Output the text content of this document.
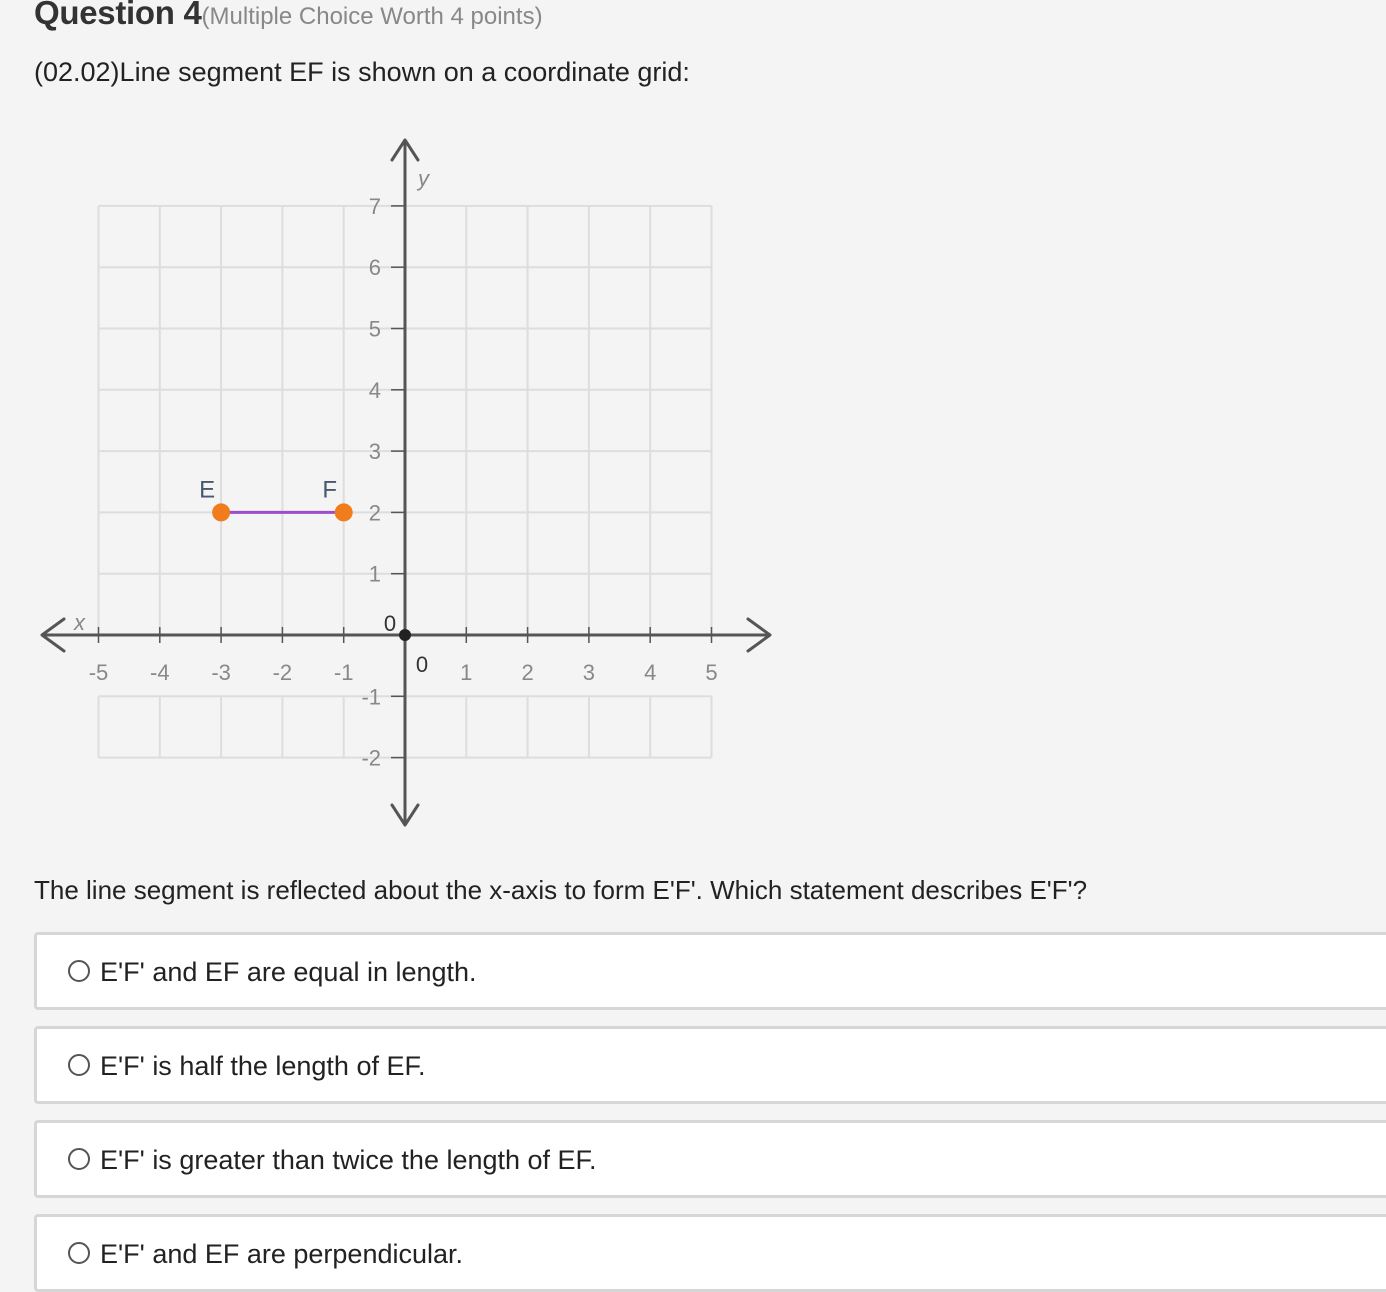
Question 4(Multiple Choice Worth 4 points)
(02.02)Line segment EF is shown on a coordinate grid:
x
y
-5 -4 -3 -2 -1	0 1 2 3 4 5
-2
-1
0
1
2
3
4
5
6
7
E	F
The line segment is reflected about the x-axis to form E'F'. Which statement describes E'F'?
E'F' and EF are equal in length.
E'F' is half the length of EF.
E'F' is greater than twice the length of EF.
E'F' and EF are perpendicular.
